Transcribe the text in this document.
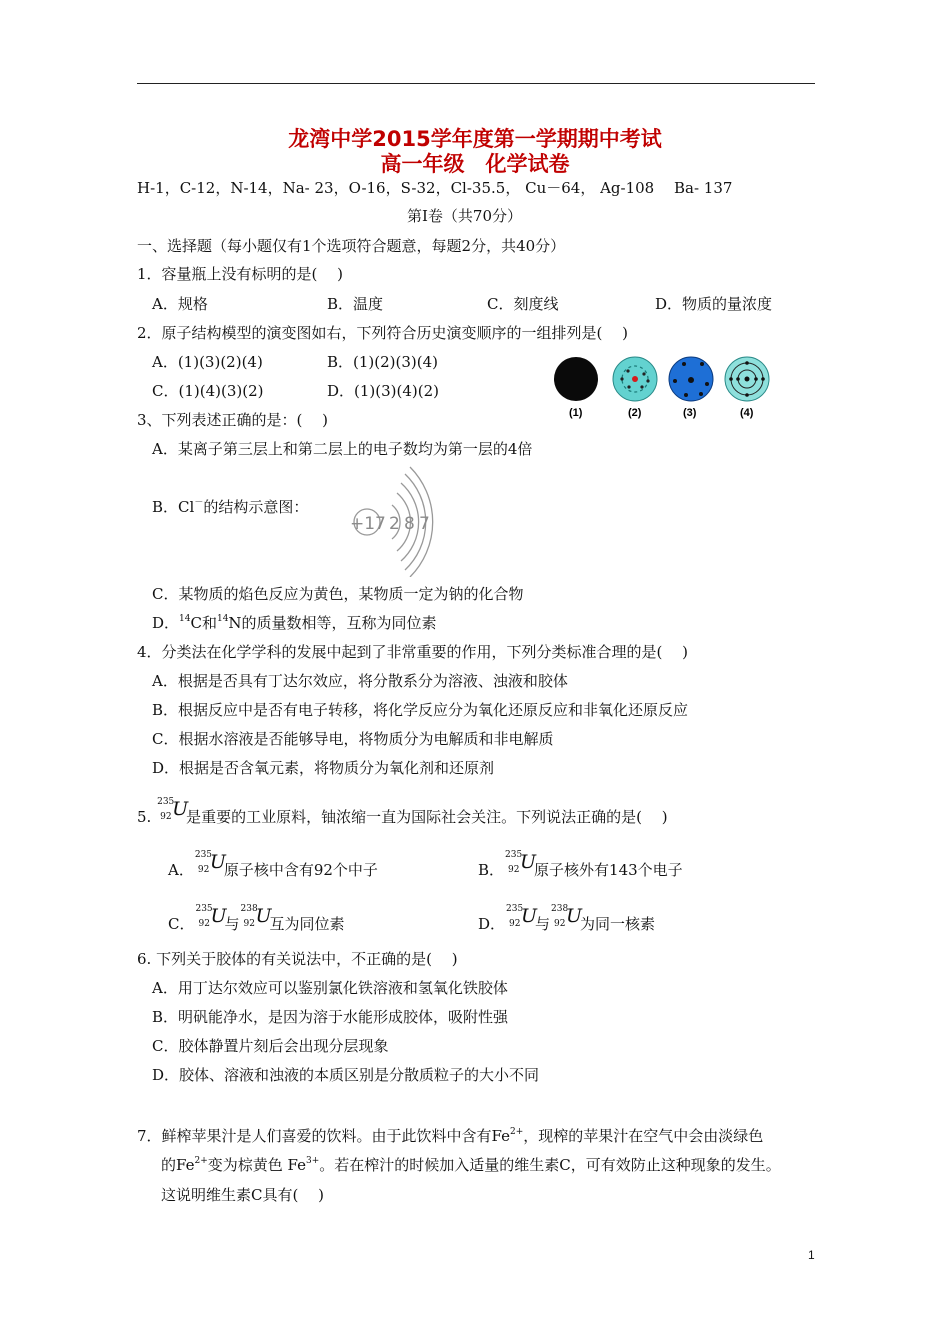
龙湾中学2015学年度第一学期期中考试
高一年级　化学试卷
H-1，C-12，N-14，Na- 23，O-16，S-32，Cl-35.5， Cu－64， Ag-108　 Ba- 137
第I卷（共70分）
一、选择题（每小题仅有1个选项符合题意，每题2分，共40分）
1．容量瓶上没有标明的是(　 )
A．规格	B．温度	C．刻度线	D．物质的量浓度
2．原子结构模型的演变图如右，下列符合历史演变顺序的一组排列是(　 )
A．(1)(3)(2)(4)	B．(1)(2)(3)(4)
C．(1)(4)(3)(2)	D．(1)(3)(4)(2)
(1)	(2)	(3)	(4)
3、下列表述正确的是：(　 )
A．某离子第三层上和第二层上的电子数均为第一层的4倍
B．Cl－的结构示意图：
+17 2 8 7
C．某物质的焰色反应为黄色，某物质一定为钠的化合物
D．$^{14}$C和$^{14}$N的质量数相等，互称为同位素
4．分类法在化学学科的发展中起到了非常重要的作用，下列分类标准合理的是(　 )
A．根据是否具有丁达尔效应，将分散系分为溶液、浊液和胶体
B．根据反应中是否有电子转移，将化学反应分为氧化还原反应和非氧化还原反应
C．根据水溶液是否能够导电，将物质分为电解质和非电解质
D．根据是否含氧元素，将物质分为氧化剂和还原剂
5.
235
92 U
是重要的工业原料，铀浓缩一直为国际社会关注。下列说法正确的是(　 )
A．
235
92 U
原子核中含有92个中子	B．
235
92 U
原子核外有143个电子
C．
235
92 U
与
238
92 U
互为同位素	D．
235
92 U
与
238
92 U
为同一核素
6. 下列关于胶体的有关说法中，不正确的是(　 )
A．用丁达尔效应可以鉴别氯化铁溶液和氢氧化铁胶体
B．明矾能净水，是因为溶于水能形成胶体，吸附性强
C．胶体静置片刻后会出现分层现象
D．胶体、溶液和浊液的本质区别是分散质粒子的大小不同
7．鲜榨苹果汁是人们喜爱的饮料。由于此饮料中含有$Fe^{2+}$，现榨的苹果汁在空气中会由淡绿色
的$Fe^{2+}$变为棕黄色 $Fe^{3+}$。若在榨汁的时候加入适量的维生素C，可有效防止这种现象的发生。
这说明维生素C具有(　 )
1
